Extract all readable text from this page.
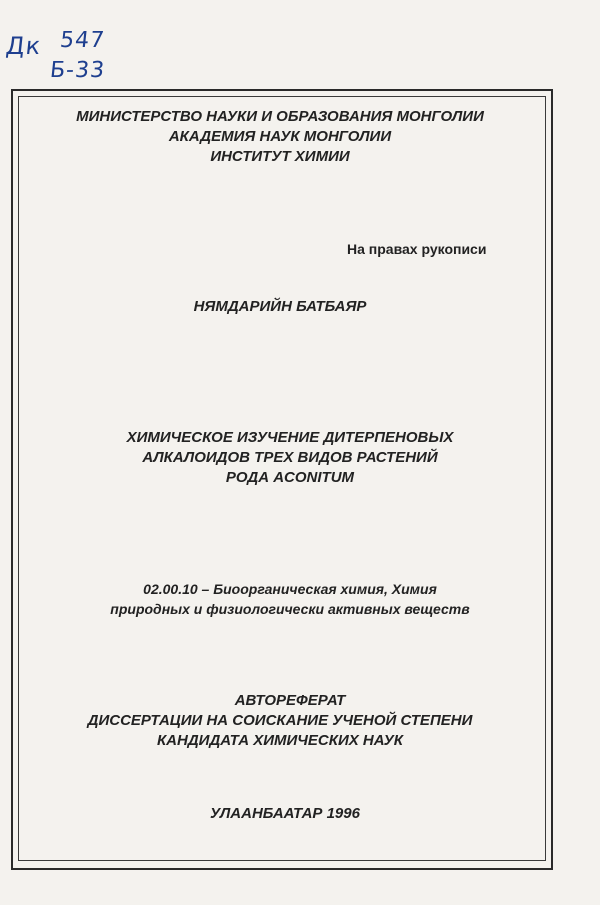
Дк 547
Б-33
МИНИСТЕРСТВО НАУКИ И ОБРАЗОВАНИЯ МОНГОЛИИ
АКАДЕМИЯ НАУК МОНГОЛИИ
ИНСТИТУТ ХИМИИ
На правах рукописи
НЯМДАРИЙН БАТБАЯР
ХИМИЧЕСКОЕ ИЗУЧЕНИЕ ДИТЕРПЕНОВЫХ
АЛКАЛОИДОВ ТРЕХ ВИДОВ РАСТЕНИЙ
РОДА ACONITUM
02.00.10 – Биоорганическая химия, Химия
природных и физиологически активных веществ
АВТОРЕФЕРАТ
ДИССЕРТАЦИИ НА СОИСКАНИЕ УЧЕНОЙ СТЕПЕНИ
КАНДИДАТА ХИМИЧЕСКИХ НАУК
УЛААНБААТАР 1996
